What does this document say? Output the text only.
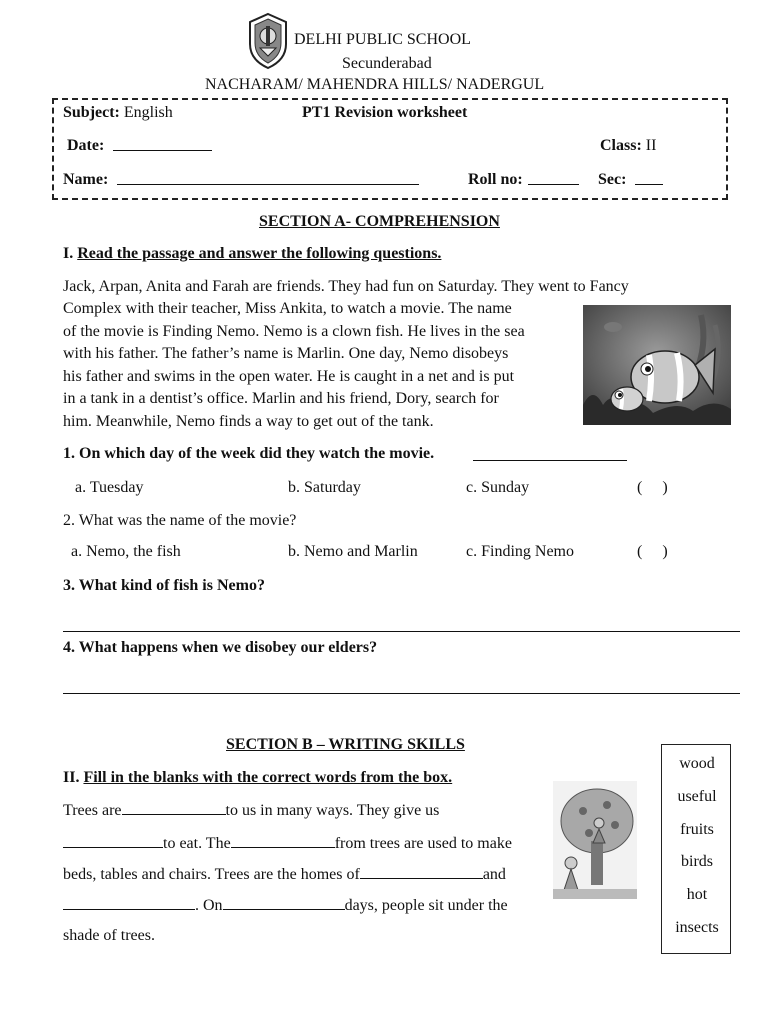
DELHI PUBLIC SCHOOL
Secunderabad
NACHARAM/ MAHENDRA HILLS/ NADERGUL
Subject: English	PT1 Revision worksheet
Date:	Class: II
Name:	Roll no:	Sec:
SECTION A- COMPREHENSION
I. Read the passage and answer the following questions.
Jack, Arpan, Anita and Farah are friends. They had fun on Saturday. They went to Fancy
Complex with their teacher, Miss Ankita, to watch a movie. The name
of the movie is Finding Nemo. Nemo is a clown fish. He lives in the sea
with his father. The father’s name is Marlin. One day, Nemo disobeys
his father and swims in the open water. He is caught in a net and is put
in a tank in a dentist’s office. Marlin and his friend, Dory, search for
him. Meanwhile, Nemo finds a way to get out of the tank.
1. On which day of the week did they watch the movie.
a. Tuesday	b. Saturday	c. Sunday	(     )
2. What was the name of the movie?
a. Nemo, the fish	b. Nemo and Marlin	c. Finding Nemo	(     )
3. What kind of fish is Nemo?
4. What happens when we disobey our elders?
SECTION B – WRITING SKILLS
II. Fill in the blanks with the correct words from the box.
Trees are	to us in many ways. They give us
to eat. The	from trees are used to make
beds, tables and chairs. Trees are the homes of	and
. On	days, people sit under the
shade of trees.
wood
useful
fruits
birds
hot
insects
